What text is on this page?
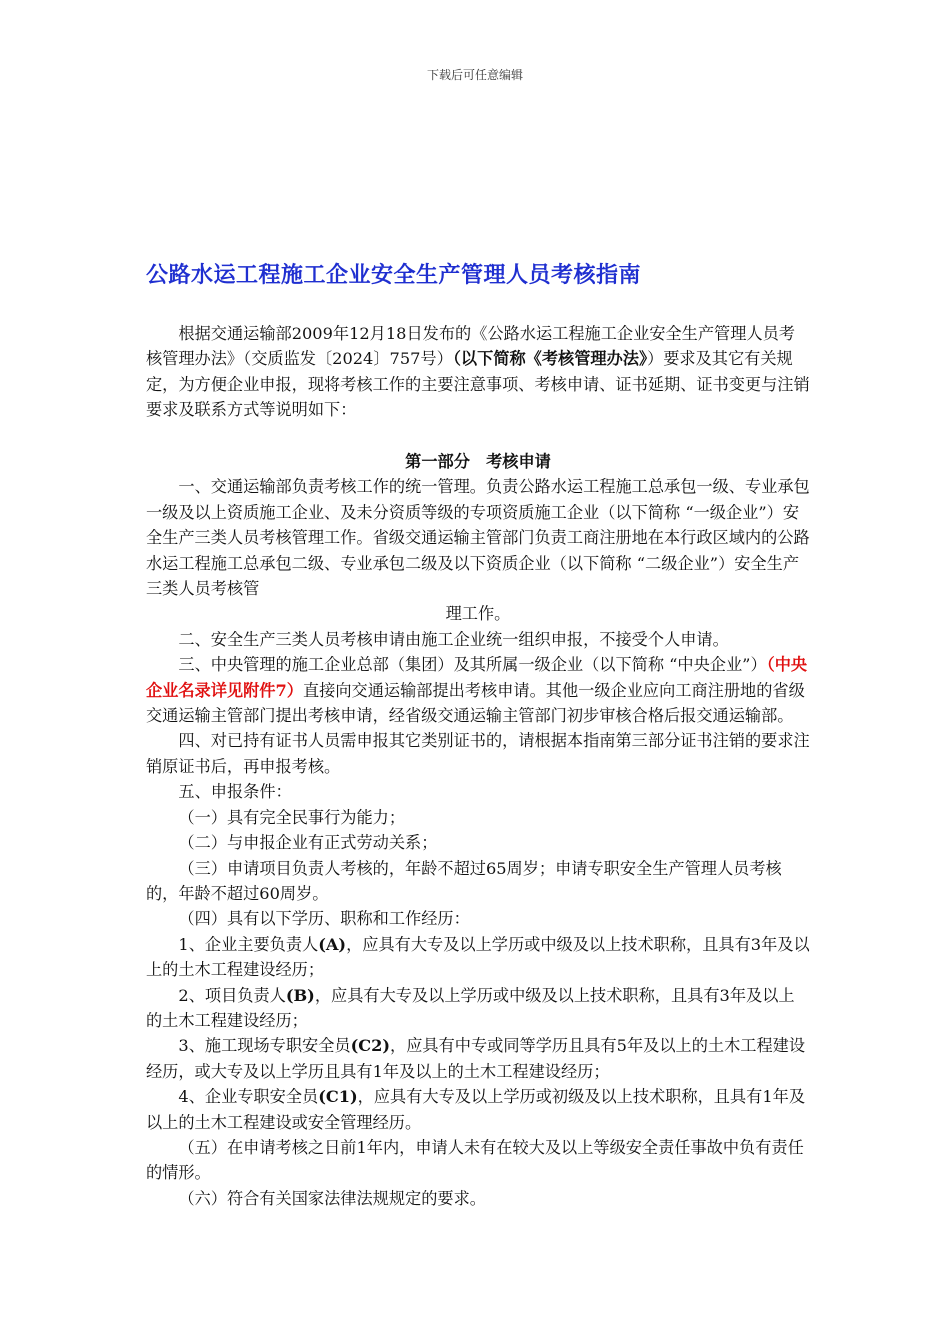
下载后可任意编辑
公路水运工程施工企业安全生产管理人员考核指南

根据交通运输部2009年12月18日发布的《公路水运工程施工企业安全生产管理人员考核管理办法》（交质监发〔2024〕757号）（以下简称《考核管理办法》）要求及其它有关规定，为方便企业申报，现将考核工作的主要注意事项、考核申请、证书延期、证书变更与注销要求及联系方式等说明如下：

第一部分　考核申请

一、交通运输部负责考核工作的统一管理。负责公路水运工程施工总承包一级、专业承包一级及以上资质施工企业、及未分资质等级的专项资质施工企业（以下简称 “一级企业”）安全生产三类人员考核管理工作。省级交通运输主管部门负责工商注册地在本行政区域内的公路水运工程施工总承包二级、专业承包二级及以下资质企业（以下简称 “二级企业”）安全生产三类人员考核管

理工作。

二、安全生产三类人员考核申请由施工企业统一组织申报，不接受个人申请。

三、中央管理的施工企业总部（集团）及其所属一级企业（以下简称 “中央企业”）（中央企业名录详见附件7）直接向交通运输部提出考核申请。其他一级企业应向工商注册地的省级交通运输主管部门提出考核申请，经省级交通运输主管部门初步审核合格后报交通运输部。

四、对已持有证书人员需申报其它类别证书的，请根据本指南第三部分证书注销的要求注销原证书后，再申报考核。

五、申报条件：

（一）具有完全民事行为能力；

（二）与申报企业有正式劳动关系；

（三）申请项目负责人考核的，年龄不超过65周岁；申请专职安全生产管理人员考核的，年龄不超过60周岁。

（四）具有以下学历、职称和工作经历：

1、企业主要负责人(A)，应具有大专及以上学历或中级及以上技术职称，且具有3年及以上的土木工程建设经历；

2、项目负责人(B)，应具有大专及以上学历或中级及以上技术职称，且具有3年及以上的土木工程建设经历；

3、施工现场专职安全员(C2)，应具有中专或同等学历且具有5年及以上的土木工程建设经历，或大专及以上学历且具有1年及以上的土木工程建设经历；

4、企业专职安全员(C1)，应具有大专及以上学历或初级及以上技术职称，且具有1年及以上的土木工程建设或安全管理经历。

（五）在申请考核之日前1年内，申请人未有在较大及以上等级安全责任事故中负有责任的情形。

（六）符合有关国家法律法规规定的要求。
